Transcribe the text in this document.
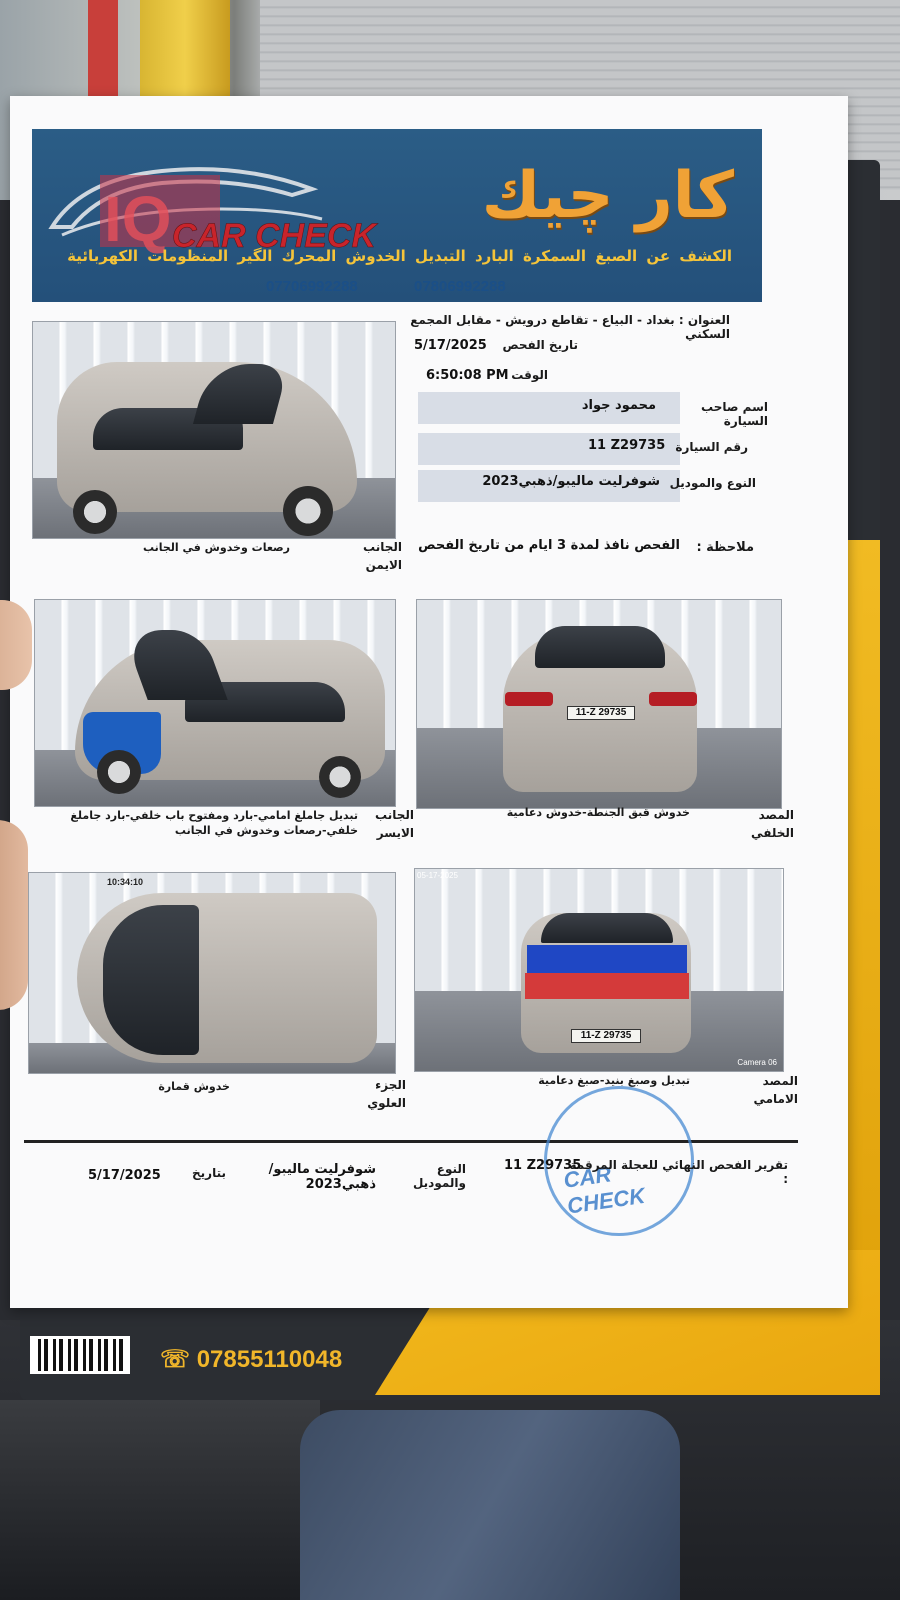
☏ 07855110048
IQ CAR CHECK
كار چيك
الكشف عن الصبغ السمكرة البارد التبديل الخدوش المحرك الگير المنظومات الكهربائية
07706992288	07806992288
العنوان : بغداد - البياع - تقاطع درويش - مقابل المجمع السكني
تاريخ الفحص
5/17/2025
الوقت
6:50:08 PM
اسم صاحب السيارة
محمود جواد
رقم السيارة
11 Z29735
النوع والموديل
شوفرليت ماليبو/ذهبي2023
ملاحظة :
الفحص نافذ لمدة 3 ايام من تاريخ الفحص
الجانب الايمن
رصعات وخدوش في الجانب
الجانب الايسر
تبديل جاملغ امامي-بارد ومفتوح باب خلفي-بارد جاملغ خلفي-رصعات وخدوش في الجانب
11-Z 29735
المصد الخلفي
خدوش قبق الجنطة-خدوش دعامية
10:34:10
الجزء العلوي
خدوش قمارة
11-Z 29735
05-17-2025
Camera 06
المصد الامامي
تبديل وصبغ بنيد-صبغ دعامية
CAR CHECK
تقرير الفحص النهائي للعجلة المرقمة :
11 Z29735
النوع والموديل
شوفرليت ماليبو/ذهبي2023
بتاريخ
5/17/2025
